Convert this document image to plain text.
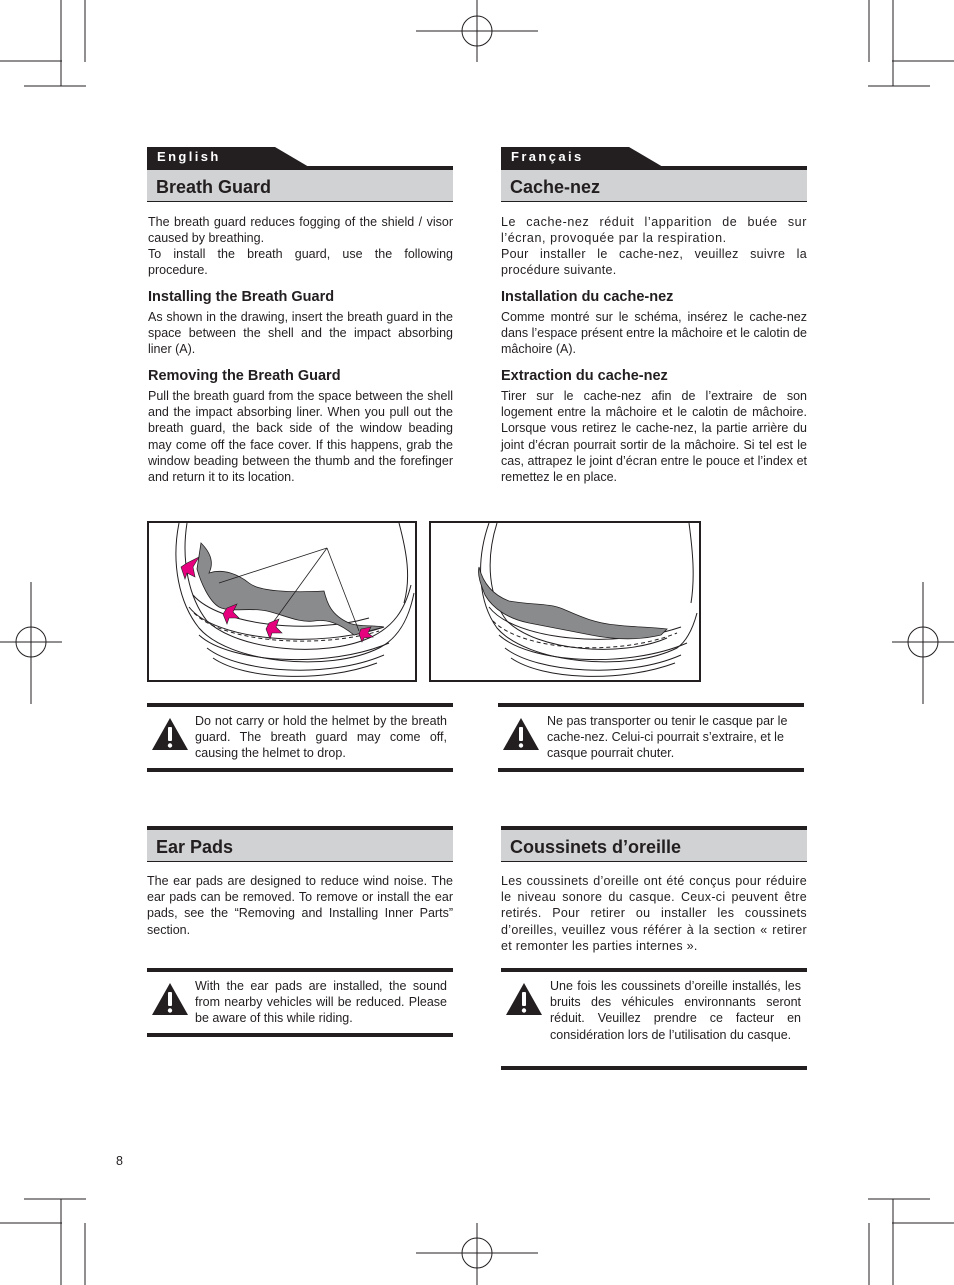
English
Breath Guard

The breath guard reduces fogging of the shield / visor caused by breathing.

To install the breath guard, use the following procedure.

Installing the Breath Guard

As shown in the drawing, insert the breath guard in the space between the shell and the impact absorbing liner (A).

Removing the Breath Guard

Pull the breath guard from the space between the shell and the impact absorbing liner. When you pull out the breath guard, the back side of the window beading may come off the face cover. If this happens, grab the window beading between the thumb and the forefinger and return it to its location.

Français
Cache-nez

Le cache-nez réduit l’apparition de buée sur l’écran, provoquée par la respiration.

Pour installer le cache-nez, veuillez suivre la procédure suivante.

Installation du cache-nez

Comme montré sur le schéma, insérez le cache-nez dans l’espace présent entre la mâchoire et le calotin de mâchoire (A).

Extraction du cache-nez

Tirer sur le cache-nez afin de l’extraire de son logement entre la mâchoire et le calotin de mâchoire. Lorsque vous retirez le cache-nez, la partie arrière du joint d’écran pourrait sortir de la mâchoire. Si tel est le cas, attrapez le joint d’écran entre le pouce et l’index et remettez le en place.

Do not carry or hold the helmet by the breath guard. The breath guard may come off, causing the helmet to drop.

Ne pas transporter ou tenir le casque par le cache-nez. Celui-ci pourrait s’extraire, et le casque pourrait chuter.

Ear Pads

The ear pads are designed to reduce wind noise. The ear pads can be removed. To remove or install the ear pads, see the “Removing and Installing Inner Parts” section.

Coussinets d’oreille

Les coussinets d’oreille ont été conçus pour réduire le niveau sonore du casque. Ceux-ci peuvent être retirés. Pour retirer ou installer les coussinets d’oreilles, veuillez vous référer à la section « retirer et remonter les parties internes ».

With the ear pads are installed, the sound from nearby vehicles will be reduced. Please be aware of this while riding.

Une fois les coussinets d’oreille installés, les bruits des véhicules environnants seront réduit. Veuillez prendre ce facteur en considération lors de l’utilisation du casque.

8
